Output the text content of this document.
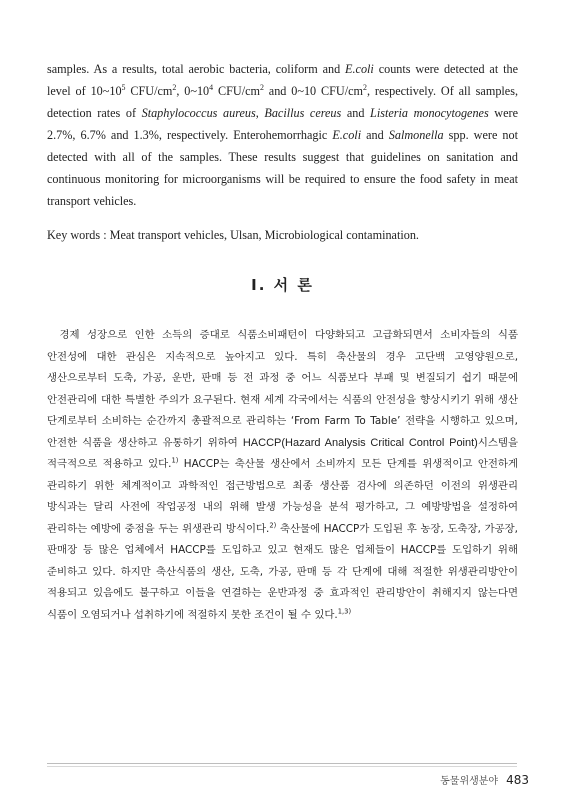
samples. As a results, total aerobic bacteria, coliform and E.coli counts were detected at the level of $10\sim 10^5$ CFU/$cm^2$, $0\sim 10^4$ CFU/$cm^2$ and 0~10 CFU/$cm^2$, respectively. Of all samples, detection rates of Staphylococcus aureus, Bacillus cereus and Listeria monocytogenes were 2.7%, 6.7% and 1.3%, respectively. Enterohemorrhagic E.coli and Salmonella spp. were not detected with all of the samples. These results suggest that guidelines on sanitation and continuous monitoring for microorganisms will be required to ensure the food safety in meat transport vehicles.

Key words : Meat transport vehicles, Ulsan, Microbiological contamination.

Ⅰ. 서 론

경제 성장으로 인한 소득의 증대로 식품소비패턴이 다양화되고 고급화되면서 소비자들의 식품 안전성에 대한 관심은 지속적으로 높아지고 있다. 특히 축산물의 경우 고단백 고영양원으로, 생산으로부터 도축, 가공, 운반, 판매 등 전 과정 중 어느 식품보다 부패 및 변질되기 쉽기 때문에 안전관리에 대한 특별한 주의가 요구된다. 현재 세계 각국에서는 식품의 안전성을 향상시키기 위해 생산 단계로부터 소비하는 순간까지 총괄적으로 관리하는 ‘From Farm To Table’ 전략을 시행하고 있으며, 안전한 식품을 생산하고 유통하기 위하여 HACCP(Hazard Analysis Critical Control Point)시스템을 적극적으로 적용하고 있다.$^{1)}$ HACCP는 축산물 생산에서 소비까지 모든 단계를 위생적이고 안전하게 관리하기 위한 체계적이고 과학적인 접근방법으로 최종 생산품 검사에 의존하던 이전의 위생관리 방식과는 달리 사전에 작업공정 내의 위해 발생 가능성을 분석 평가하고, 그 예방방법을 설정하여 관리하는 예방에 중점을 두는 위생관리 방식이다.$^{2)}$ 축산물에 HACCP가 도입된 후 농장, 도축장, 가공장, 판매장 등 많은 업체에서 HACCP를 도입하고 있고 현재도 많은 업체들이 HACCP를 도입하기 위해 준비하고 있다. 하지만 축산식품의 생산, 도축, 가공, 판매 등 각 단계에 대해 적절한 위생관리방안이 적용되고 있음에도 불구하고 이들을 연결하는 운반과정 중 효과적인 관리방안이 취해지지 않는다면 식품이 오염되거나 섭취하기에 적절하지 못한 조건이 될 수 있다.$^{1,3)}$

동물위생분야 483
